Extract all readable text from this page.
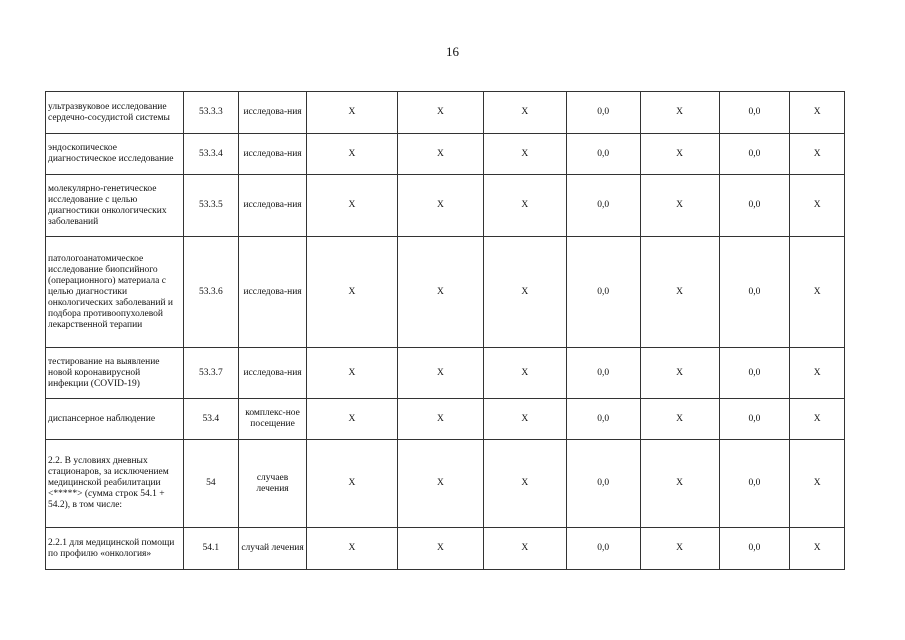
16
ультразвуковое исследование сердечно-сосудистой системы	53.3.3	исследова-ния	Х	Х	Х	0,0	Х	0,0	Х
эндоскопическое диагностическое исследование	53.3.4	исследова-ния	Х	Х	Х	0,0	Х	0,0	Х
молекулярно-генетическое исследование с целью диагностики онкологических заболеваний	53.3.5	исследова-ния	Х	Х	Х	0,0	Х	0,0	Х
патологоанатомическое исследование биопсийного (операционного) материала с целью диагностики онкологических заболеваний и подбора противоопухолевой лекарственной терапии	53.3.6	исследова-ния	Х	Х	Х	0,0	Х	0,0	Х
тестирование на выявление новой коронавирусной инфекции (COVID-19)	53.3.7	исследова-ния	Х	Х	Х	0,0	Х	0,0	Х
диспансерное наблюдение	53.4	комплекс-ное посещение	Х	Х	Х	0,0	Х	0,0	Х
2.2. В условиях дневных стационаров, за исключением медицинской реабилитации <*****> (сумма строк 54.1 + 54.2), в том числе:	54	случаев лечения	Х	Х	Х	0,0	Х	0,0	Х
2.2.1 для медицинской помощи по профилю «онкология»	54.1	случай лечения	Х	Х	Х	0,0	Х	0,0	Х
